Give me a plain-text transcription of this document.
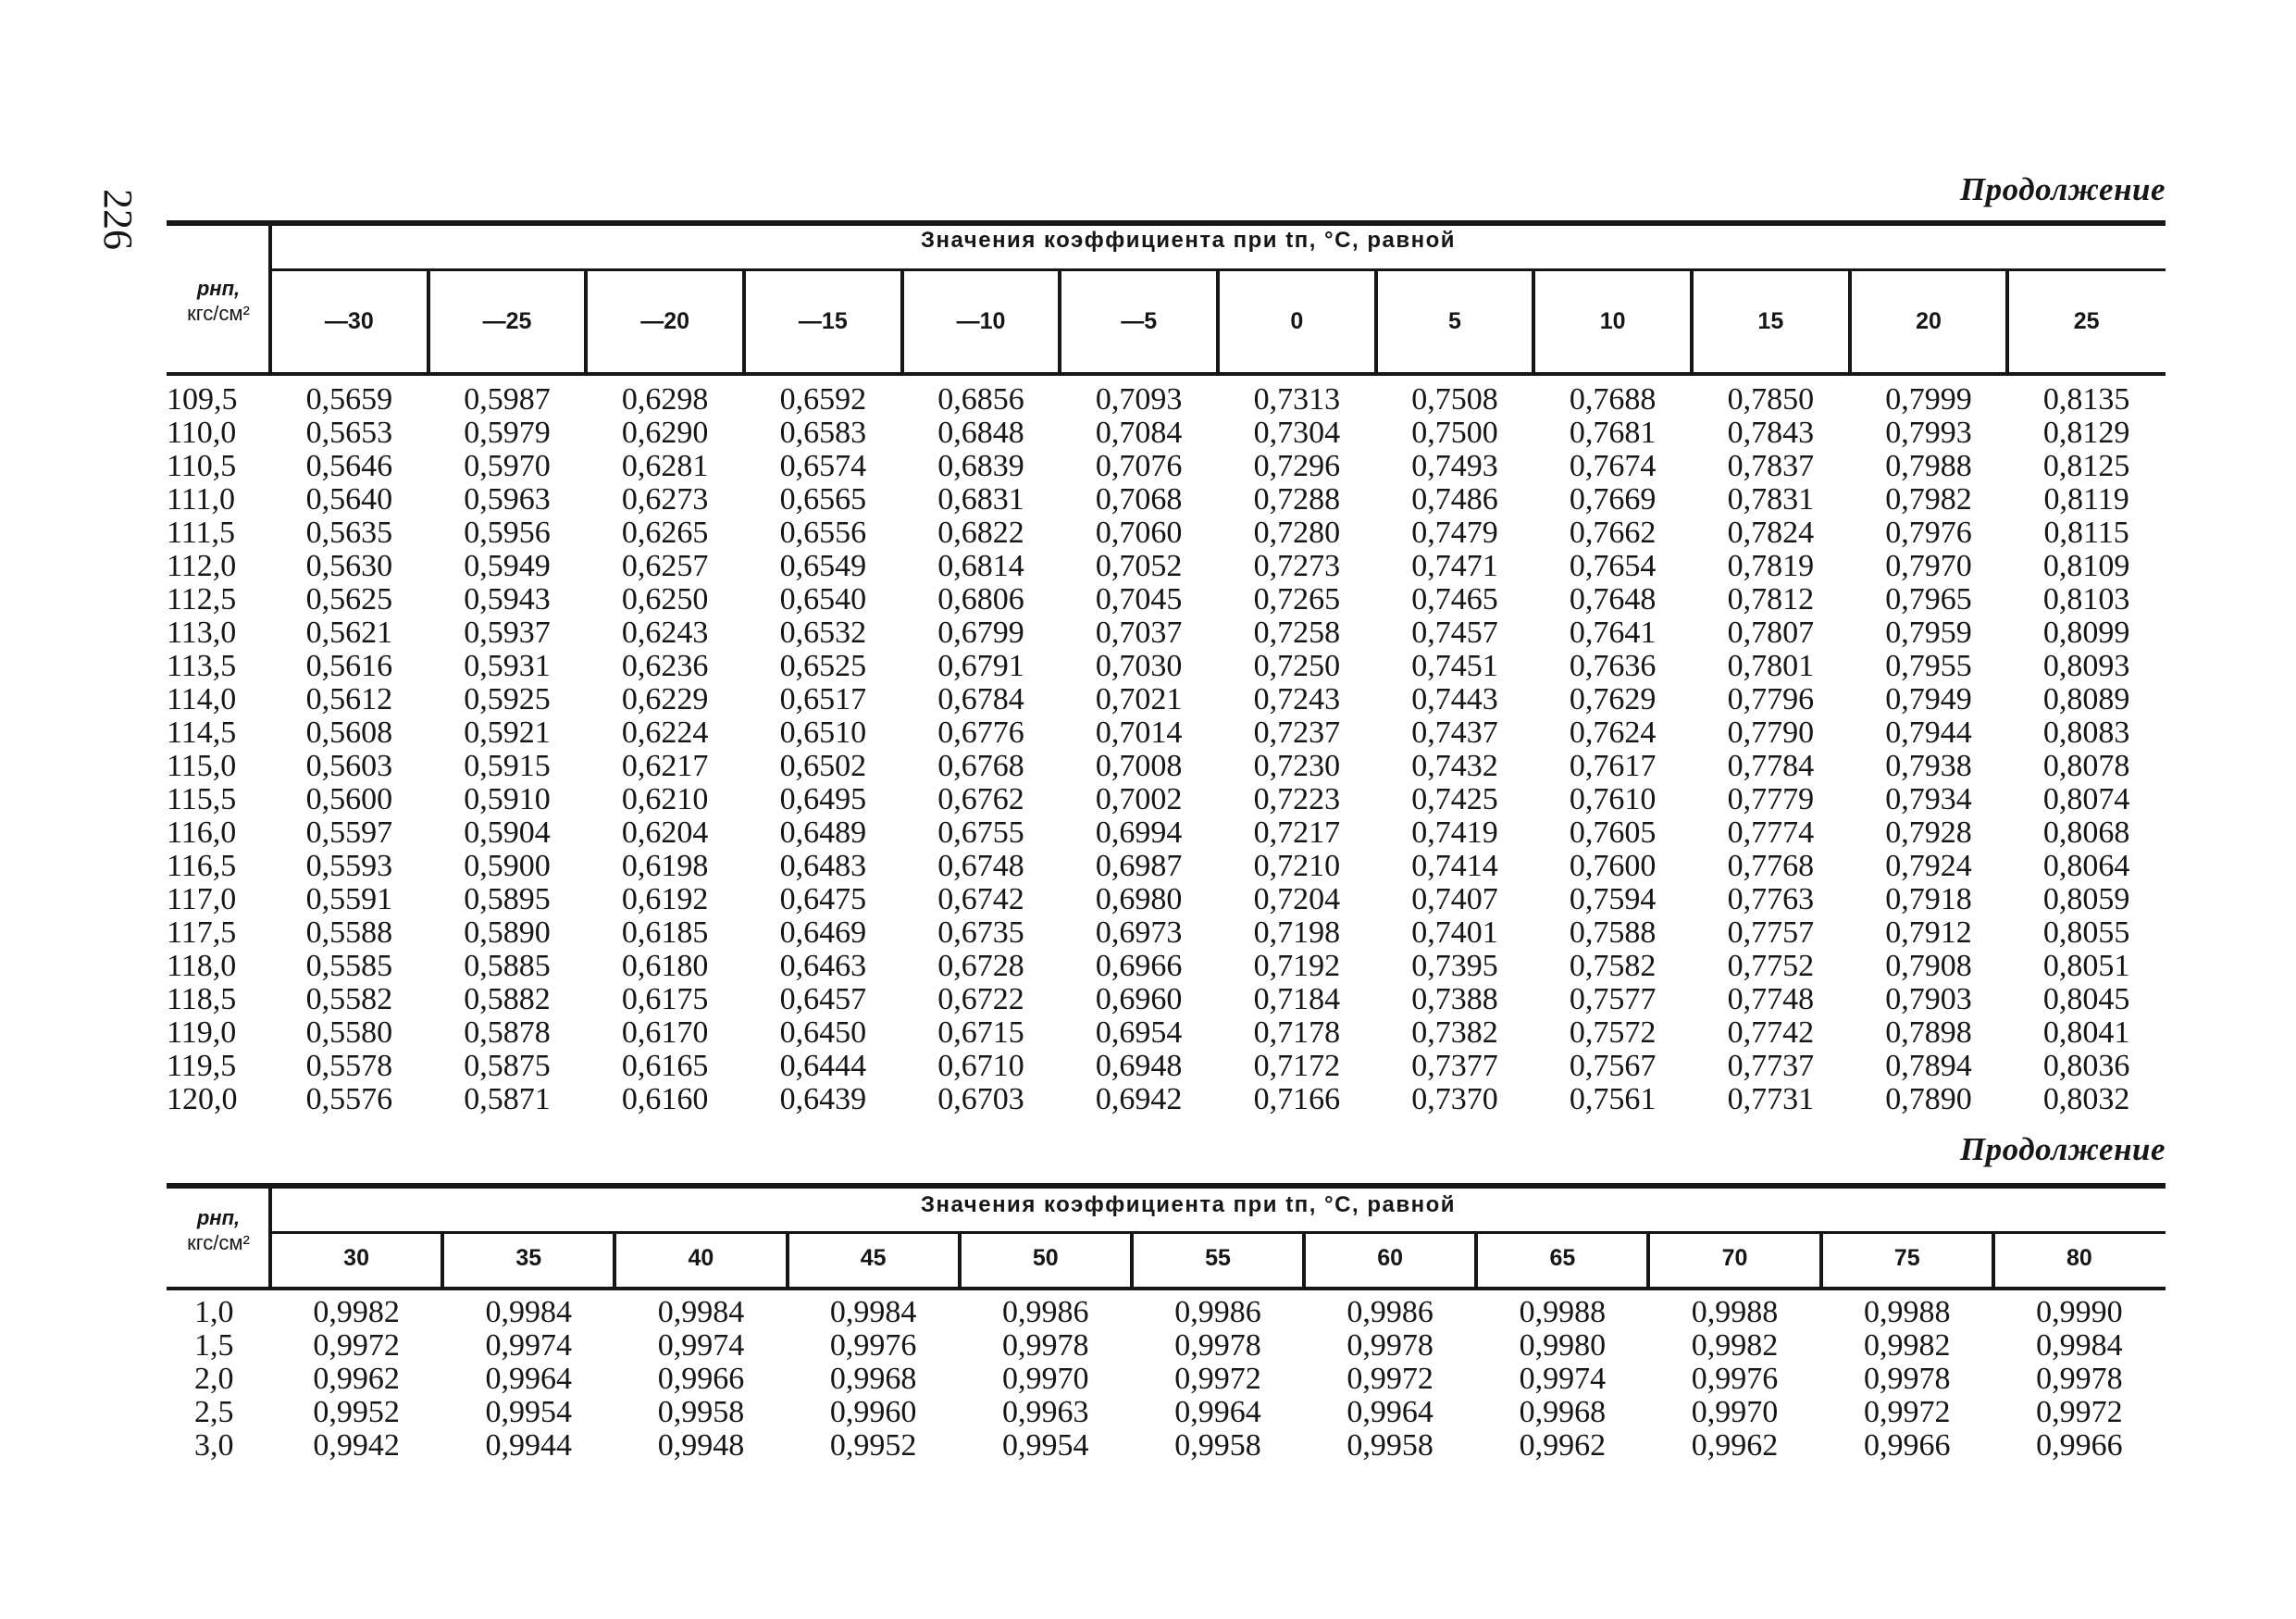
226	Продолжение
Значения коэффициента при tп, °С, равной
pнп,
кгс/см²	—30	—25	—20	—15	—10	—5	0	5	10	15	20	25
109,5	0,5659	0,5987	0,6298	0,6592	0,6856	0,7093	0,7313	0,7508	0,7688	0,7850	0,7999	0,8135
110,0	0,5653	0,5979	0,6290	0,6583	0,6848	0,7084	0,7304	0,7500	0,7681	0,7843	0,7993	0,8129
110,5	0,5646	0,5970	0,6281	0,6574	0,6839	0,7076	0,7296	0,7493	0,7674	0,7837	0,7988	0,8125
111,0	0,5640	0,5963	0,6273	0,6565	0,6831	0,7068	0,7288	0,7486	0,7669	0,7831	0,7982	0,8119
111,5	0,5635	0,5956	0,6265	0,6556	0,6822	0,7060	0,7280	0,7479	0,7662	0,7824	0,7976	0,8115
112,0	0,5630	0,5949	0,6257	0,6549	0,6814	0,7052	0,7273	0,7471	0,7654	0,7819	0,7970	0,8109
112,5	0,5625	0,5943	0,6250	0,6540	0,6806	0,7045	0,7265	0,7465	0,7648	0,7812	0,7965	0,8103
113,0	0,5621	0,5937	0,6243	0,6532	0,6799	0,7037	0,7258	0,7457	0,7641	0,7807	0,7959	0,8099
113,5	0,5616	0,5931	0,6236	0,6525	0,6791	0,7030	0,7250	0,7451	0,7636	0,7801	0,7955	0,8093
114,0	0,5612	0,5925	0,6229	0,6517	0,6784	0,7021	0,7243	0,7443	0,7629	0,7796	0,7949	0,8089
114,5	0,5608	0,5921	0,6224	0,6510	0,6776	0,7014	0,7237	0,7437	0,7624	0,7790	0,7944	0,8083
115,0	0,5603	0,5915	0,6217	0,6502	0,6768	0,7008	0,7230	0,7432	0,7617	0,7784	0,7938	0,8078
115,5	0,5600	0,5910	0,6210	0,6495	0,6762	0,7002	0,7223	0,7425	0,7610	0,7779	0,7934	0,8074
116,0	0,5597	0,5904	0,6204	0,6489	0,6755	0,6994	0,7217	0,7419	0,7605	0,7774	0,7928	0,8068
116,5	0,5593	0,5900	0,6198	0,6483	0,6748	0,6987	0,7210	0,7414	0,7600	0,7768	0,7924	0,8064
117,0	0,5591	0,5895	0,6192	0,6475	0,6742	0,6980	0,7204	0,7407	0,7594	0,7763	0,7918	0,8059
117,5	0,5588	0,5890	0,6185	0,6469	0,6735	0,6973	0,7198	0,7401	0,7588	0,7757	0,7912	0,8055
118,0	0,5585	0,5885	0,6180	0,6463	0,6728	0,6966	0,7192	0,7395	0,7582	0,7752	0,7908	0,8051
118,5	0,5582	0,5882	0,6175	0,6457	0,6722	0,6960	0,7184	0,7388	0,7577	0,7748	0,7903	0,8045
119,0	0,5580	0,5878	0,6170	0,6450	0,6715	0,6954	0,7178	0,7382	0,7572	0,7742	0,7898	0,8041
119,5	0,5578	0,5875	0,6165	0,6444	0,6710	0,6948	0,7172	0,7377	0,7567	0,7737	0,7894	0,8036
120,0	0,5576	0,5871	0,6160	0,6439	0,6703	0,6942	0,7166	0,7370	0,7561	0,7731	0,7890	0,8032
Продолжение
Значения коэффициента при tп, °С, равной
pнп,
кгс/см²
30	35	40	45	50	55	60	65	70	75	80
1,0	0,9982	0,9984	0,9984	0,9984	0,9986	0,9986	0,9986	0,9988	0,9988	0,9988	0,9990
1,5	0,9972	0,9974	0,9974	0,9976	0,9978	0,9978	0,9978	0,9980	0,9982	0,9982	0,9984
2,0	0,9962	0,9964	0,9966	0,9968	0,9970	0,9972	0,9972	0,9974	0,9976	0,9978	0,9978
2,5	0,9952	0,9954	0,9958	0,9960	0,9963	0,9964	0,9964	0,9968	0,9970	0,9972	0,9972
3,0	0,9942	0,9944	0,9948	0,9952	0,9954	0,9958	0,9958	0,9962	0,9962	0,9966	0,9966
